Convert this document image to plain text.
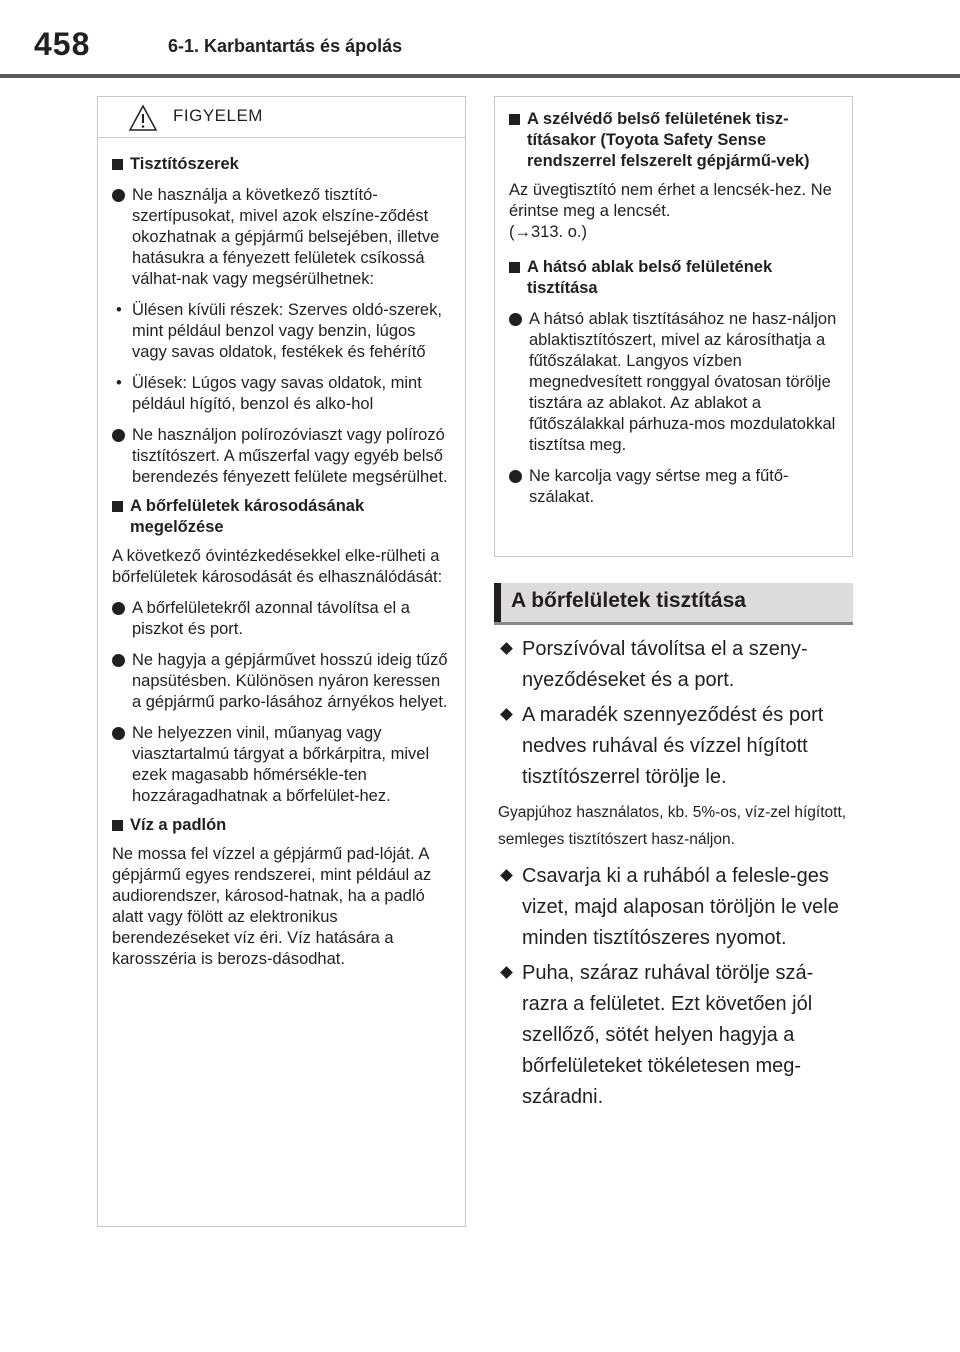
458	6-1. Karbantartás és ápolás
FIGYELEM
Tisztítószerek
Ne használja a következő tisztító-szertípusokat, mivel azok elszíne-ződést okozhatnak a gépjármű belsejében, illetve hatásukra a fényezett felületek csíkossá válhat-nak vagy megsérülhetnek:
• Ülésen kívüli részek: Szerves oldó-szerek, mint például benzol vagy benzin, lúgos vagy savas oldatok, festékek és fehérítő
• Ülések: Lúgos vagy savas oldatok, mint például hígító, benzol és alko-hol
Ne használjon polírozóviaszt vagy polírozó tisztítószert. A műszerfal vagy egyéb belső berendezés fényezett felülete megsérülhet.
A bőrfelületek károsodásának megelőzése
A következő óvintézkedésekkel elke-rülheti a bőrfelületek károsodását és elhasználódását:
A bőrfelületekről azonnal távolítsa el a piszkot és port.
Ne hagyja a gépjárművet hosszú ideig tűző napsütésben. Különösen nyáron keressen a gépjármű parko-lásához árnyékos helyet.
Ne helyezzen vinil, műanyag vagy viasztartalmú tárgyat a bőrkárpitra, mivel ezek magasabb hőmérsékle-ten hozzáragadhatnak a bőrfelület-hez.
Víz a padlón
Ne mossa fel vízzel a gépjármű pad-lóját. A gépjármű egyes rendszerei, mint például az audiorendszer, károsod-hatnak, ha a padló alatt vagy fölött az elektronikus berendezéseket víz éri. Víz hatására a karosszéria is berozs-dásodhat.
A szélvédő belső felületének tisz-tításakor (Toyota Safety Sense rendszerrel felszerelt gépjármű-vek)
Az üvegtisztító nem érhet a lencsék-hez. Ne érintse meg a lencsét.
(→313. o.)
A hátsó ablak belső felületének tisztítása
A hátsó ablak tisztításához ne hasz-náljon ablaktisztítószert, mivel az károsíthatja a fűtőszálakat. Langyos vízben megnedvesített ronggyal óvatosan törölje tisztára az ablakot. Az ablakot a fűtőszálakkal párhuza-mos mozdulatokkal tisztítsa meg.
Ne karcolja vagy sértse meg a fűtő-szálakat.
A bőrfelületek tisztítása
Porszívóval távolítsa el a szeny-nyeződéseket és a port.
A maradék szennyeződést és port nedves ruhával és vízzel hígított tisztítószerrel törölje le.
Gyapjúhoz használatos, kb. 5%-os, víz-zel hígított, semleges tisztítószert hasz-náljon.
Csavarja ki a ruhából a felesle-ges vizet, majd alaposan töröljön le vele minden tisztítószeres nyomot.
Puha, száraz ruhával törölje szá-razra a felületet. Ezt követően jól szellőző, sötét helyen hagyja a bőrfelületeket tökéletesen meg-száradni.
